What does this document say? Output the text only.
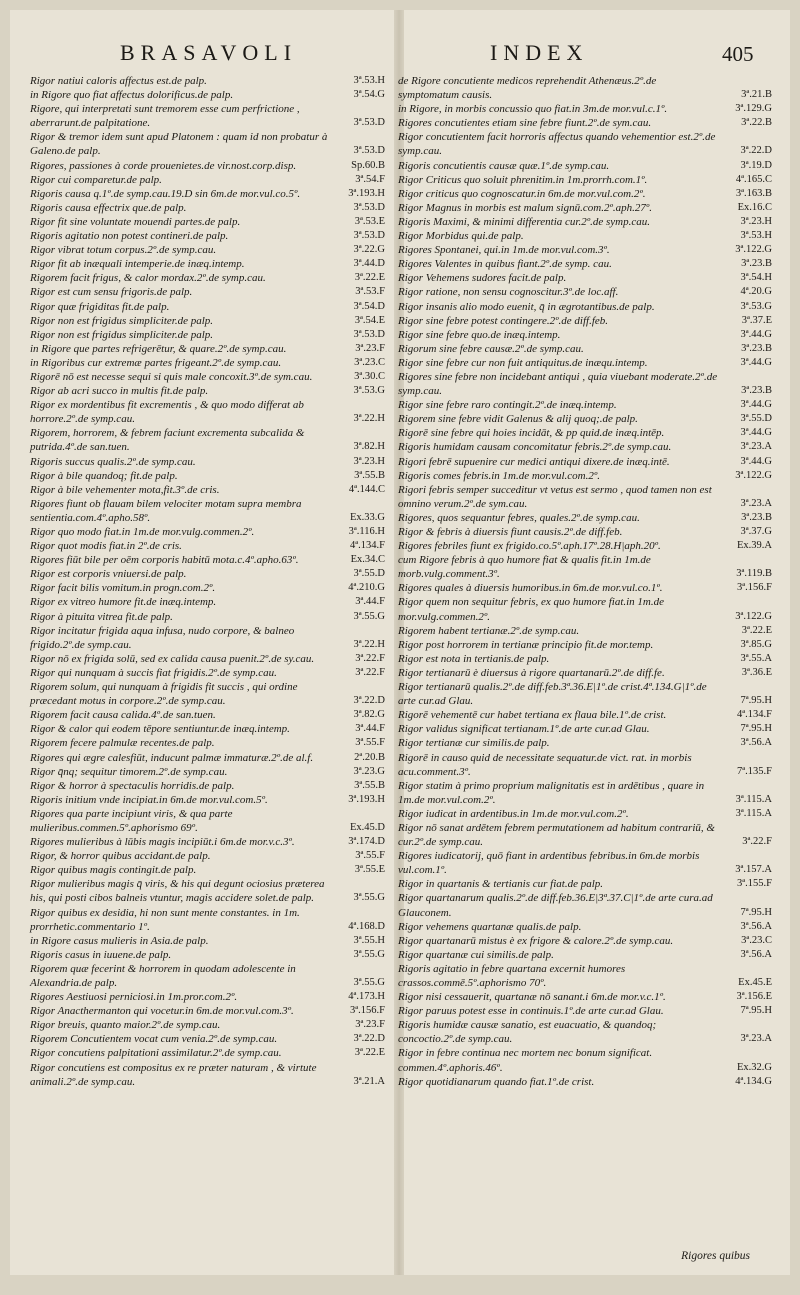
BRASAVOLI	INDEX	405

Rigor natiui caloris affectus est.de palp.	3ª.53.H

in Rigore quo fiat affectus dolorificus.de palp.	3ª.54.G

Rigore, qui interpretati sunt tremorem esse cum perfrictione , aberrarunt.de palpitatione.	3ª.53.D

Rigor & tremor idem sunt apud Platonem : quam id non probatur à Galeno.de palp.	3ª.53.D

Rigores, passiones à corde prouenietes.de vir.nost.corp.disp.	Sp.60.B

Rigor cui comparetur.de palp.	3ª.54.F

Rigoris causa q.1º.de symp.cau.19.D sin 6m.de mor.vul.co.5º.	3ª.193.H

Rigoris causa effectrix que.de palp.	3ª.53.D

Rigor fit sine voluntate mouendi partes.de palp.	3ª.53.E

Rigoris agitatio non potest contineri.de palp.	3ª.53.D

Rigor vibrat totum corpus.2º.de symp.cau.	3ª.22.G

Rigor fit ab inæquali intemperie.de inæq.intemp.	3ª.44.D

Rigorem facit frigus, & calor mordax.2º.de symp.cau.	3ª.22.E

Rigor est cum sensu frigoris.de palp.	3ª.53.F

Rigor quæ frigiditas fit.de palp.	3ª.54.D

Rigor non est frigidus simpliciter.de palp.	3ª.54.E

Rigor non est frigidus simpliciter.de palp.	3ª.53.D

in Rigore que partes refrigerētur, & quare.2º.de symp.cau.	3ª.23.F

in Rigoribus cur extremæ partes frigeant.2º.de symp.cau.	3ª.23.C

Rigorē nō est necesse sequi si quis male concoxit.3º.de sym.cau.	3ª.30.C

Rigor ab acri succo in multis fit.de palp.	3ª.53.G

Rigor ex mordentibus fit excrementis , & quo modo differat ab horrore.2º.de symp.cau.	3ª.22.H

Rigorem, horrorem, & febrem faciunt excrementa subcalida & putrida.4º.de san.tuen.	3ª.82.H

Rigoris succus qualis.2º.de symp.cau.	3ª.23.H

Rigor à bile quandoq; fit.de palp.	3ª.55.B

Rigor à bile vehementer mota,fit.3º.de cris.	4ª.144.C

Rigores fiunt ob flauam bilem velociter motam supra membra sentientia.com.4º.apho.58º.	Ex.33.G

Rigor quo modo fiat.in 1m.de mor.vulg.commen.2º.	3ª.116.H

Rigor quot modis fiat.in 2º.de cris.	4ª.134.F

Rigores fiūt bile per oēm corporis habitū mota.c.4º.apho.63º.	Ex.34.C

Rigor est corporis vniuersi.de palp.	3ª.55.D

Rigor facit bilis vomitum.in progn.com.2º.	4ª.210.G

Rigor ex vitreo humore fit.de inæq.intemp.	3ª.44.F

Rigor à pituita vitrea fit.de palp.	3ª.55.G

Rigor incitatur frigida aqua infusa, nudo corpore, & balneo frigido.2º.de symp.cau.	3ª.22.H

Rigor nō ex frigida solū, sed ex calida causa puenit.2º.de sy.cau.	3ª.22.F

Rigor qui nunquam à succis fiat frigidis.2º.de symp.cau.	3ª.22.F

Rigorem solum, qui nunquam à frigidis fit succis , qui ordine præcedant motus in corpore.2º.de symp.cau.	3ª.22.D

Rigorem facit causa calida.4º.de san.tuen.	3ª.82.G

Rigor & calor qui eodem tēpore sentiuntur.de inæq.intemp.	3ª.44.F

Rigorem fecere palmulæ recentes.de palp.	3ª.55.F

Rigores qui ægre calesfiūt, inducunt palmæ immaturæ.2º.de al.f.	2ª.20.B

Rigor q̄nq; sequitur timorem.2º.de symp.cau.	3ª.23.G

Rigor & horror à spectaculis horridis.de palp.	3ª.55.B

Rigoris initium vnde incipiat.in 6m.de mor.vul.com.5º.	3ª.193.H

Rigores qua parte incipiunt viris, & qua parte mulieribus.commen.5º.aphorismo 69º.	Ex.45.D

Rigores mulieribus à lūbis magis incipiūt.i 6m.de mor.v.c.3º.	3ª.174.D

Rigor, & horror quibus accidant.de palp.	3ª.55.F

Rigor quibus magis contingit.de palp.	3ª.55.E

Rigor mulieribus magis q̄ viris, & his qui degunt ociosius præterea his, qui posti cibos balneis vtuntur, magis accidere solet.de palp.	3ª.55.G

Rigor quibus ex desidia, hi non sunt mente constantes. in 1m. prorrhetic.commentario 1º.	4ª.168.D

in Rigore casus mulieris in Asia.de palp.	3ª.55.H

Rigoris casus in iuuene.de palp.	3ª.55.G

Rigorem quæ fecerint & horrorem in quodam adolescente in Alexandria.de palp.	3ª.55.G

Rigores Aestiuosi perniciosi.in 1m.pror.com.2º.	4ª.173.H

Rigor Anacthermanton qui vocetur.in 6m.de mor.vul.com.3º.	3ª.156.F

Rigor breuis, quanto maior.2º.de symp.cau.	3ª.23.F

Rigorem Concutientem vocat cum venia.2º.de symp.cau.	3ª.22.D

Rigor concutiens palpitationi assimilatur.2º.de symp.cau.	3ª.22.E

Rigor concutiens est compositus ex re præter naturam , & virtute animali.2º.de symp.cau.	3ª.21.A

de Rigore concutiente medicos reprehendit Athenæus.2º.de symptomatum causis.	3ª.21.B

in Rigore, in morbis concussio quo fiat.in 3m.de mor.vul.c.1º.	3ª.129.G

Rigores concutientes etiam sine febre fiunt.2º.de sym.cau.	3ª.22.B

Rigor concutientem facit horroris affectus quando vehementior est.2º.de symp.cau.	3ª.22.D

Rigoris concutientis causæ quæ.1º.de symp.cau.	3ª.19.D

Rigor Criticus quo soluit phrenitim.in 1m.prorrh.com.1º.	4ª.165.C

Rigor criticus quo cognoscatur.in 6m.de mor.vul.com.2º.	3ª.163.B

Rigor Magnus in morbis est malum signū.com.2º.aph.27º.	Ex.16.C

Rigoris Maximi, & minimi differentia cur.2º.de symp.cau.	3ª.23.H

Rigor Morbidus qui.de palp.	3ª.53.H

Rigores Spontanei, qui.in 1m.de mor.vul.com.3º.	3ª.122.G

Rigores Valentes in quibus fiant.2º.de symp. cau.	3ª.23.B

Rigor Vehemens sudores facit.de palp.	3ª.54.H

Rigor ratione, non sensu cognoscitur.3º.de loc.aff.	4ª.20.G

Rigor insanis alio modo euenit, q̄ in ægrotantibus.de palp.	3ª.53.G

Rigor sine febre potest contingere.2º.de diff.feb.	3ª.37.E

Rigor sine febre quo.de inæq.intemp.	3ª.44.G

Rigorum sine febre causæ.2º.de symp.cau.	3ª.23.B

Rigor sine febre cur non fuit antiquitus.de inæqu.intemp.	3ª.44.G

Rigores sine febre non incidebant antiqui , quia viuebant moderate.2º.de symp.cau.	3ª.23.B

Rigor sine febre raro contingit.2º.de inæq.intemp.	3ª.44.G

Rigorem sine febre vidit Galenus & alij quoq;.de palp.	3ª.55.D

Rigorē sine febre qui hoies incidāt, & pp quid.de inæq.intēp.	3ª.44.G

Rigoris humidam causam concomitatur febris.2º.de symp.cau.	3ª.23.A

Rigori febrē supuenire cur medici antiqui dixere.de inæq.intē.	3ª.44.G

Rigoris comes febris.in 1m.de mor.vul.com.2º.	3ª.122.G

Rigori febris semper succeditur vt vetus est sermo , quod tamen non est omnino verum.2º.de sym.cau.	3ª.23.A

Rigores, quos sequantur febres, quales.2º.de symp.cau.	3ª.23.B

Rigor & febris à diuersis fiunt causis.2º.de diff.feb.	3ª.37.G

Rigores febriles fiunt ex frigido.co.5º.aph.17º.28.H|aph.20º.	Ex.39.A

cum Rigore febris à quo humore fiat & qualis fit.in 1m.de morb.vulg.comment.3º.	3ª.119.B

Rigores quales à diuersis humoribus.in 6m.de mor.vul.co.1º.	3ª.156.F

Rigor quem non sequitur febris, ex quo humore fiat.in 1m.de mor.vulg.commen.2º.	3ª.122.G

Rigorem habent tertianæ.2º.de symp.cau.	3ª.22.E

Rigor post horrorem in tertianæ principio fit.de mor.temp.	3ª.85.G

Rigor est nota in tertianis.de palp.	3ª.55.A

Rigor tertianarū è diuersus à rigore quartanarū.2º.de diff.fe.	3ª.36.E

Rigor tertianarū qualis.2º.de diff.feb.3ª.36.E|1º.de crist.4ª.134.G|1º.de arte cur.ad Glau.	7ª.95.H

Rigorē vehementē cur habet tertiana ex flaua bile.1º.de crist.	4ª.134.F

Rigor validus significat tertianam.1º.de arte cur.ad Glau.	7ª.95.H

Rigor tertianæ cur similis.de palp.	3ª.56.A

Rigorē in causo quid de necessitate sequatur.de vict. rat. in morbis acu.comment.3º.	7ª.135.F

Rigor statim à primo proprium malignitatis est in ardētibus , quare in 1m.de mor.vul.com.2º.	3ª.115.A

Rigor iudicat in ardentibus.in 1m.de mor.vul.com.2º.	3ª.115.A

Rigor nō sanat ardētem febrem permutationem ad habitum contrariū, & cur.2º.de symp.cau.	3ª.22.F

Rigores iudicatorij, quō fiant in ardentibus febribus.in 6m.de morbis vul.com.1º.	3ª.157.A

Rigor in quartanis & tertianis cur fiat.de palp.	3ª.155.F

Rigor quartanarum qualis.2º.de diff.feb.36.E|3ª.37.C|1º.de arte cura.ad Glauconem.	7ª.95.H

Rigor vehemens quartanæ qualis.de palp.	3ª.56.A

Rigor quartanarū mistus è ex frigore & calore.2º.de symp.cau.	3ª.23.C

Rigor quartanæ cui similis.de palp.	3ª.56.A

Rigoris agitatio in febre quartana excernit humores crassos.commē.5º.aphorismo 70º.	Ex.45.E

Rigor nisi cessauerit, quartanæ nō sanant.i 6m.de mor.v.c.1º.	3ª.156.E

Rigor paruus potest esse in continuis.1º.de arte cur.ad Glau.	7ª.95.H

Rigoris humidæ causæ sanatio, est euacuatio, & quandoq; concoctio.2º.de symp.cau.	3ª.23.A

Rigor in febre continua nec mortem nec bonum significat. commen.4º.aphoris.46º.	Ex.32.G

Rigor quotidianarum quando fiat.1º.de crist.	4ª.134.G

Rigores quibus
